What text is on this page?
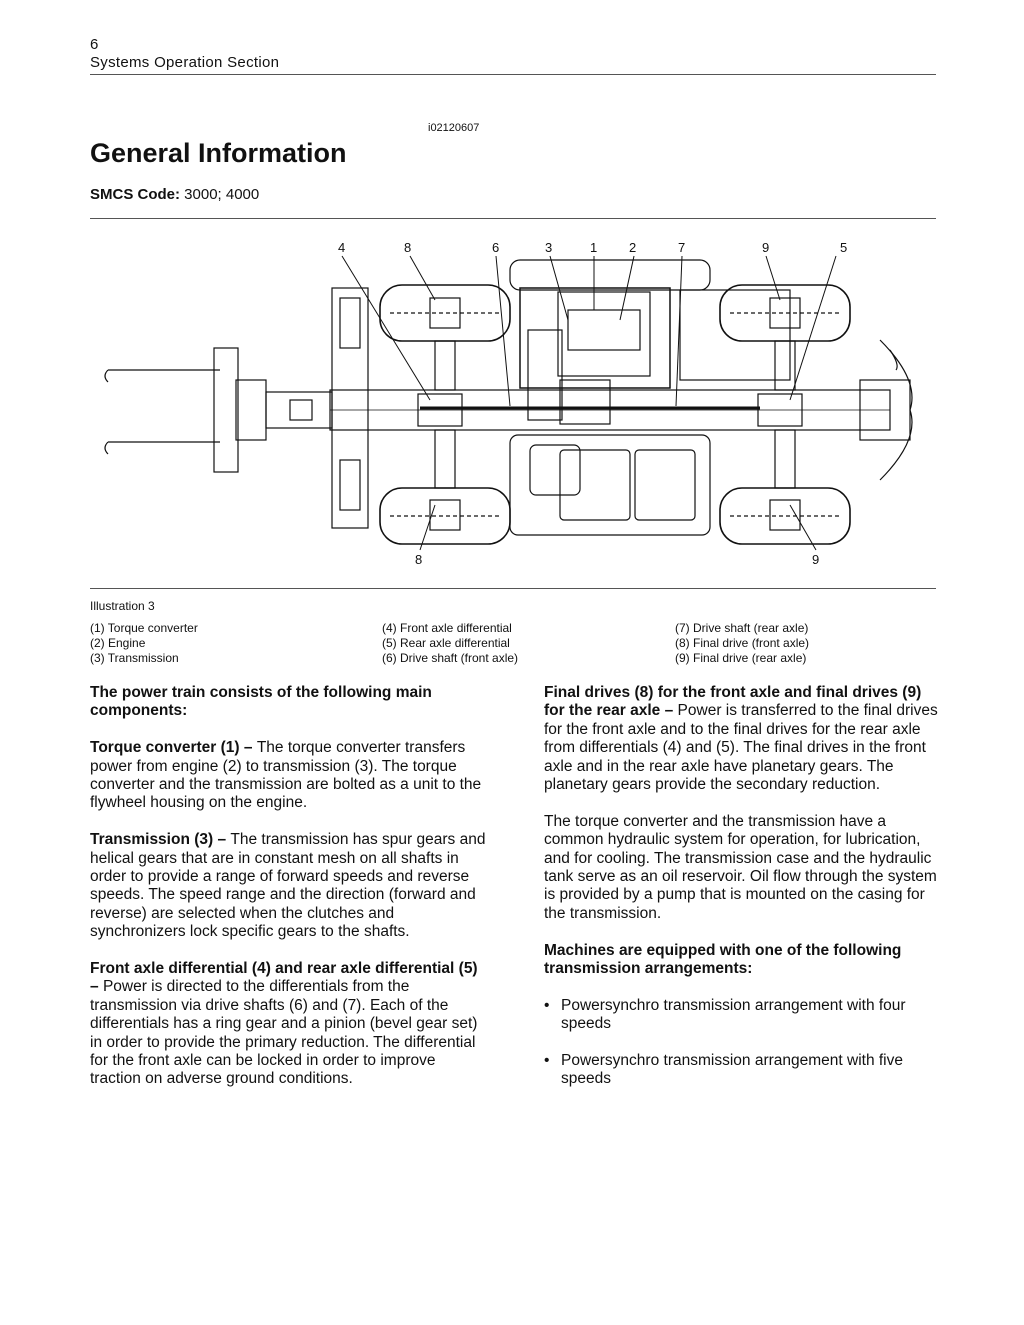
6
Systems Operation Section
i02120607
General Information
SMCS Code: 3000; 4000
4	8	6	3	1 2	7	9	5
8	9
Illustration 3
(1) Torque converter
(2) Engine
(3) Transmission
(4) Front axle differential
(5) Rear axle differential
(6) Drive shaft (front axle)
(7) Drive shaft (rear axle)
(8) Final drive (front axle)
(9) Final drive (rear axle)

The power train consists of the following main components:

Torque converter (1) – The torque converter transfers power from engine (2) to transmission (3). The torque converter and the transmission are bolted as a unit to the flywheel housing on the engine.

Transmission (3) – The transmission has spur gears and helical gears that are in constant mesh on all shafts in order to provide a range of forward speeds and reverse speeds. The speed range and the direction (forward and reverse) are selected when the clutches and synchronizers lock specific gears to the shafts.

Front axle differential (4) and rear axle differential (5) – Power is directed to the differentials from the transmission via drive shafts (6) and (7). Each of the differentials has a ring gear and a pinion (bevel gear set) in order to provide the primary reduction. The differential for the front axle can be locked in order to improve traction on adverse ground conditions.

Final drives (8) for the front axle and final drives (9) for the rear axle – Power is transferred to the final drives for the front axle and to the final drives for the rear axle from differentials (4) and (5). The final drives in the front axle and in the rear axle have planetary gears. The planetary gears provide the secondary reduction.

The torque converter and the transmission have a common hydraulic system for operation, for lubrication, and for cooling. The transmission case and the hydraulic tank serve as an oil reservoir. Oil flow through the system is provided by a pump that is mounted on the casing for the transmission.

Machines are equipped with one of the following transmission arrangements:

• Powersynchro transmission arrangement with four speeds
• Powersynchro transmission arrangement with five speeds
